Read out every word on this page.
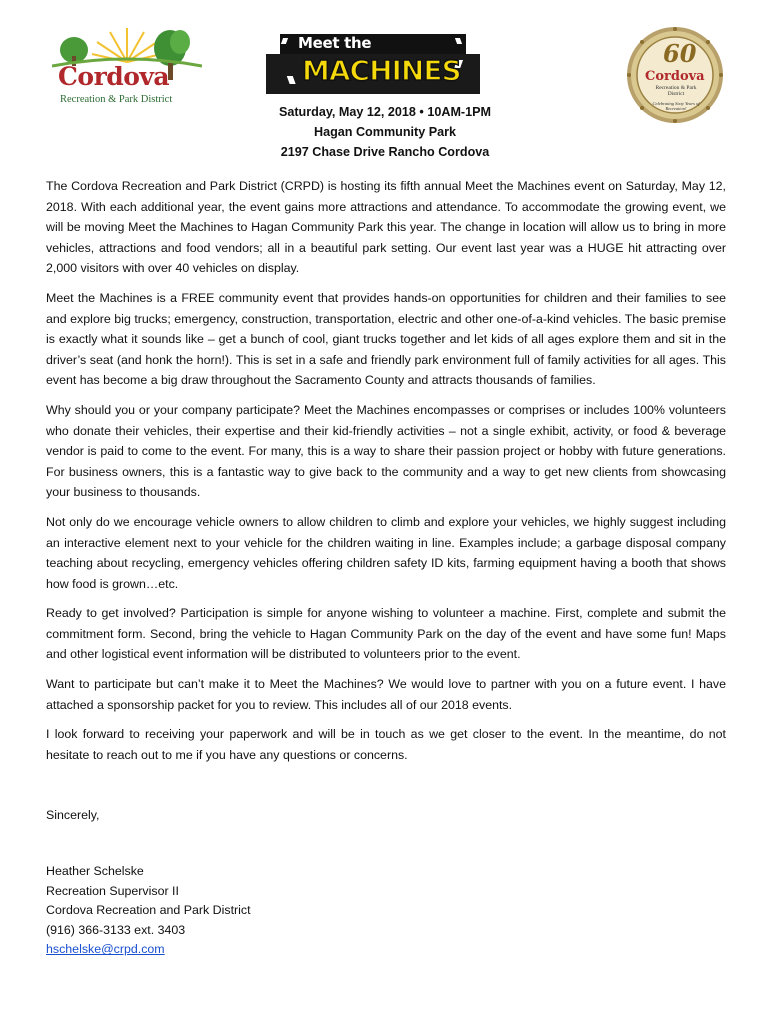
Cordova
Recreation & Park District
Meet the
MACHINES
60
Cordova
Recreation & Park District
Celebrating Sixty Years of Recreation!
Saturday, May 12, 2018 • 10AM-1PM
Hagan Community Park
2197 Chase Drive Rancho Cordova

The Cordova Recreation and Park District (CRPD) is hosting its fifth annual Meet the Machines event on Saturday, May 12, 2018. With each additional year, the event gains more attractions and attendance. To accommodate the growing event, we will be moving Meet the Machines to Hagan Community Park this year. The change in location will allow us to bring in more vehicles, attractions and food vendors; all in a beautiful park setting. Our event last year was a HUGE hit attracting over 2,000 visitors with over 40 vehicles on display.

Meet the Machines is a FREE community event that provides hands-on opportunities for children and their families to see and explore big trucks; emergency, construction, transportation, electric and other one-of-a-kind vehicles. The basic premise is exactly what it sounds like – get a bunch of cool, giant trucks together and let kids of all ages explore them and sit in the driver’s seat (and honk the horn!). This is set in a safe and friendly park environment full of family activities for all ages. This event has become a big draw throughout the Sacramento County and attracts thousands of families.

Why should you or your company participate? Meet the Machines encompasses or comprises or includes 100% volunteers who donate their vehicles, their expertise and their kid-friendly activities – not a single exhibit, activity, or food & beverage vendor is paid to come to the event. For many, this is a way to share their passion project or hobby with future generations. For business owners, this is a fantastic way to give back to the community and a way to get new clients from showcasing your business to thousands.

Not only do we encourage vehicle owners to allow children to climb and explore your vehicles, we highly suggest including an interactive element next to your vehicle for the children waiting in line. Examples include; a garbage disposal company teaching about recycling, emergency vehicles offering children safety ID kits, farming equipment having a booth that shows how food is grown…etc.

Ready to get involved? Participation is simple for anyone wishing to volunteer a machine. First, complete and submit the commitment form. Second, bring the vehicle to Hagan Community Park on the day of the event and have some fun! Maps and other logistical event information will be distributed to volunteers prior to the event.

Want to participate but can’t make it to Meet the Machines? We would love to partner with you on a future event. I have attached a sponsorship packet for you to review. This includes all of our 2018 events.

I look forward to receiving your paperwork and will be in touch as we get closer to the event. In the meantime, do not hesitate to reach out to me if you have any questions or concerns.

Sincerely,
Heather Schelske
Recreation Supervisor II
Cordova Recreation and Park District
(916) 366-3133 ext. 3403
hschelske@crpd.com
